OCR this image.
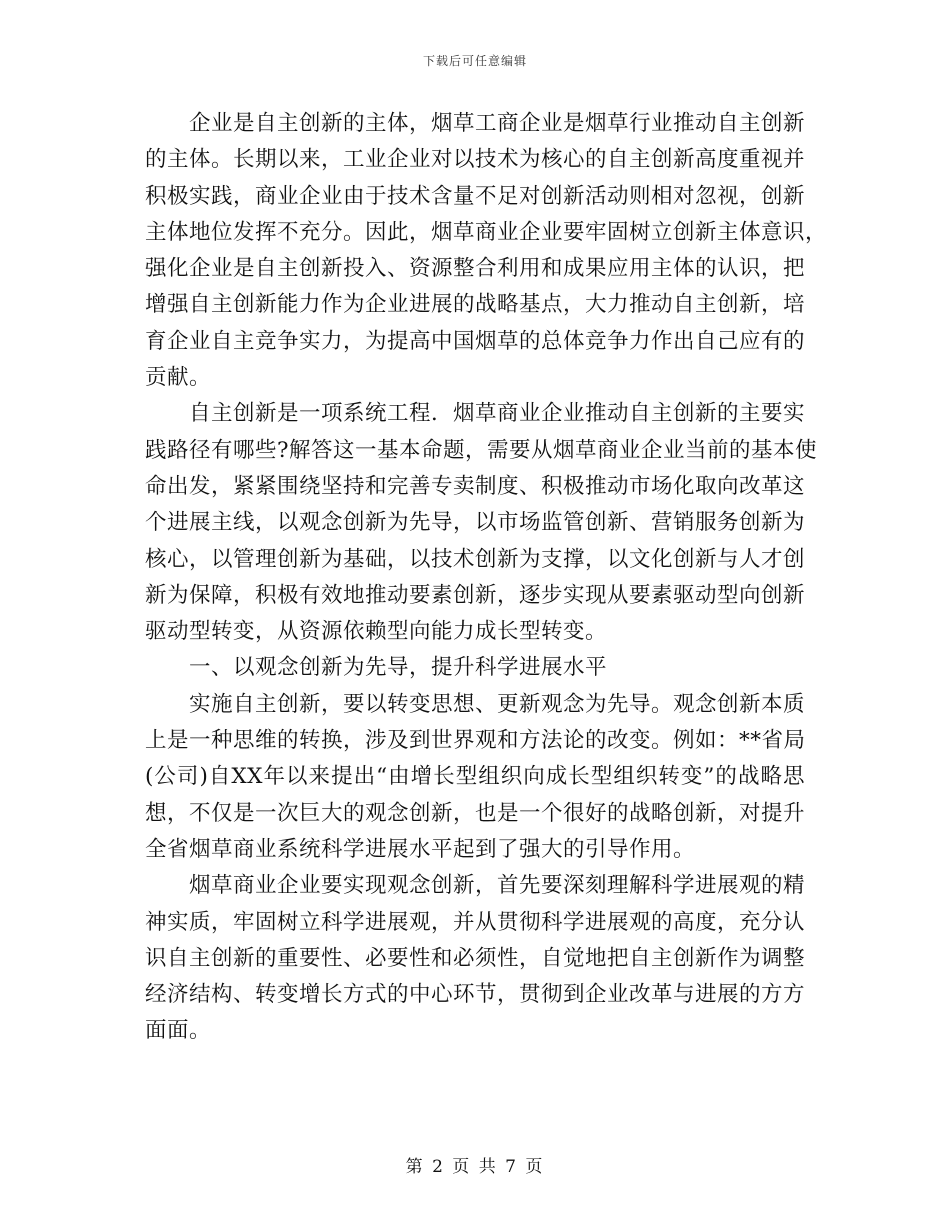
下载后可任意编辑
企业是自主创新的主体，烟草工商企业是烟草行业推动自主创新
的主体。长期以来，工业企业对以技术为核心的自主创新高度重视并
积极实践，商业企业由于技术含量不足对创新活动则相对忽视，创新
主体地位发挥不充分。因此，烟草商业企业要牢固树立创新主体意识，
强化企业是自主创新投入、资源整合利用和成果应用主体的认识，把
增强自主创新能力作为企业进展的战略基点，大力推动自主创新，培
育企业自主竞争实力，为提高中国烟草的总体竞争力作出自己应有的
贡献。
自主创新是一项系统工程．烟草商业企业推动自主创新的主要实
践路径有哪些?解答这一基本命题，需要从烟草商业企业当前的基本使
命出发，紧紧围绕坚持和完善专卖制度、积极推动市场化取向改革这
个进展主线，以观念创新为先导，以市场监管创新、营销服务创新为
核心，以管理创新为基础，以技术创新为支撑，以文化创新与人才创
新为保障，积极有效地推动要素创新，逐步实现从要素驱动型向创新
驱动型转变，从资源依赖型向能力成长型转变。
一、以观念创新为先导，提升科学进展水平
实施自主创新，要以转变思想、更新观念为先导。观念创新本质
上是一种思维的转换，涉及到世界观和方法论的改变。例如：**省局
(公司)自XX年以来提出“由增长型组织向成长型组织转变”的战略思
想，不仅是一次巨大的观念创新，也是一个很好的战略创新，对提升
全省烟草商业系统科学进展水平起到了强大的引导作用。
烟草商业企业要实现观念创新，首先要深刻理解科学进展观的精
神实质，牢固树立科学进展观，并从贯彻科学进展观的高度，充分认
识自主创新的重要性、必要性和必须性，自觉地把自主创新作为调整
经济结构、转变增长方式的中心环节，贯彻到企业改革与进展的方方
面面。
第 2 页 共 7 页
